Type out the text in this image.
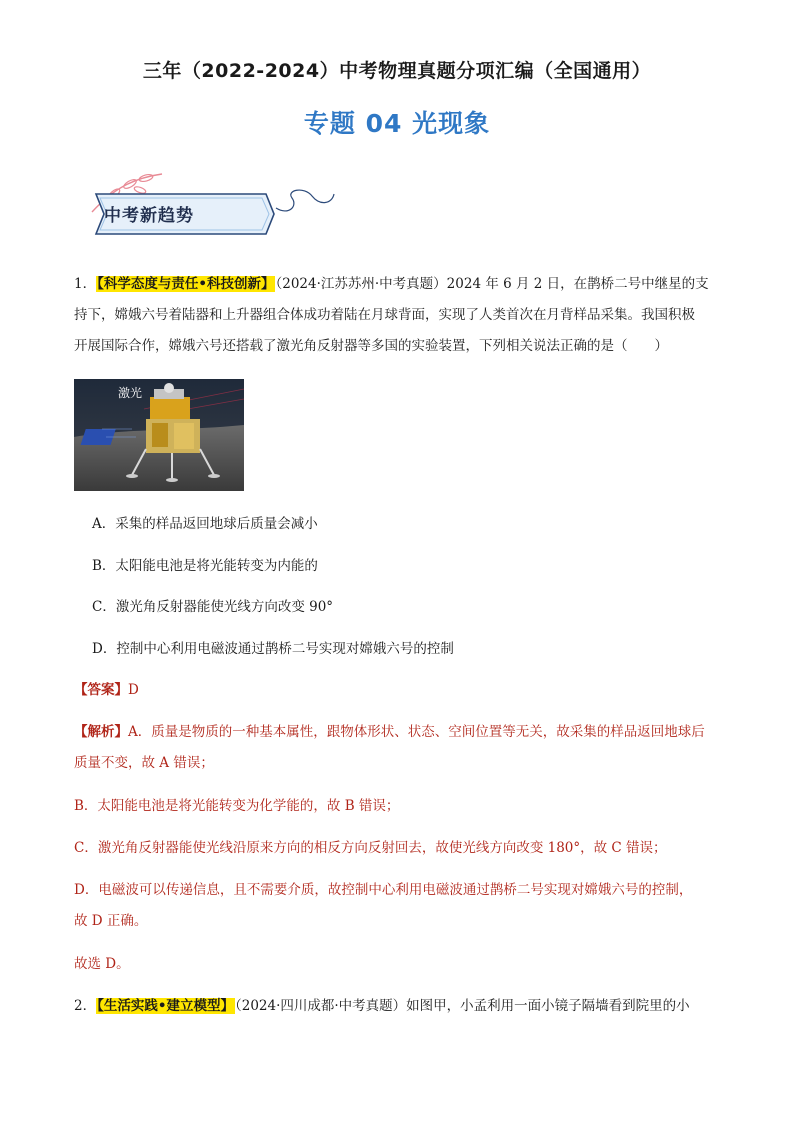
三年（2022-2024）中考物理真题分项汇编（全国通用）
专题 04 光现象
中考新趋势
1．【科学态度与责任•科技创新】（2024·江苏苏州·中考真题）2024 年 6 月 2 日，在鹊桥二号中继星的支
持下，嫦娥六号着陆器和上升器组合体成功着陆在月球背面，实现了人类首次在月背样品采集。我国积极
开展国际合作，嫦娥六号还搭载了激光角反射器等多国的实验装置，下列相关说法正确的是（　　）
激光
A．采集的样品返回地球后质量会减小
B．太阳能电池是将光能转变为内能的
C．激光角反射器能使光线方向改变 90°
D．控制中心利用电磁波通过鹊桥二号实现对嫦娥六号的控制
【答案】D
【解析】A．质量是物质的一种基本属性，跟物体形状、状态、空间位置等无关，故采集的样品返回地球后
质量不变，故 A 错误；
B．太阳能电池是将光能转变为化学能的，故 B 错误；
C．激光角反射器能使光线沿原来方向的相反方向反射回去，故使光线方向改变 180°，故 C 错误；
D．电磁波可以传递信息，且不需要介质，故控制中心利用电磁波通过鹊桥二号实现对嫦娥六号的控制，
故 D 正确。
故选 D。
2．【生活实践•建立模型】（2024·四川成都·中考真题）如图甲，小孟利用一面小镜子隔墙看到院里的小
